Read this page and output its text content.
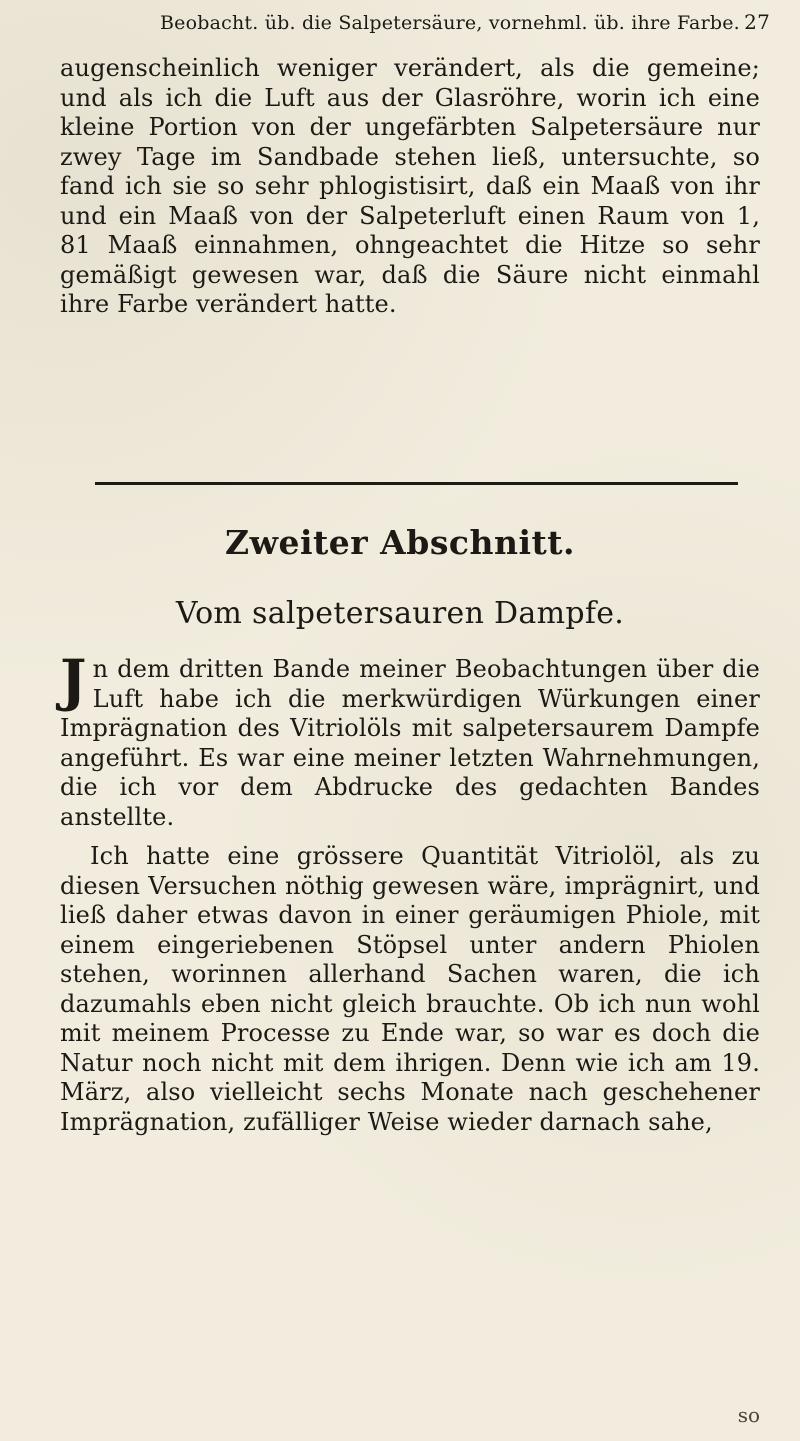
Beobacht. üb. die Salpetersäure, vornehml. üb. ihre Farbe. 27

augenscheinlich weniger verändert, als die gemeine; und als ich die Luft aus der Glasröhre, worin ich eine kleine Portion von der ungefärbten Salpetersäure nur zwey Tage im Sandbade stehen ließ, untersuchte, so fand ich sie so sehr phlogistisirt, daß ein Maaß von ihr und ein Maaß von der Salpeterluft einen Raum von 1, 81 Maaß einnahmen, ohngeachtet die Hitze so sehr gemäßigt gewesen war, daß die Säure nicht einmahl ihre Farbe verändert hatte.

Zweiter Abschnitt.
Vom salpetersauren Dampfe.

J n dem dritten Bande meiner Beobachtungen über die Luft habe ich die merkwürdigen Würkungen einer Imprägnation des Vitriolöls mit salpetersaurem Dampfe angeführt. Es war eine meiner letzten Wahrnehmungen, die ich vor dem Abdrucke des gedachten Bandes anstellte.

Ich hatte eine grössere Quantität Vitriolöl, als zu diesen Versuchen nöthig gewesen wäre, imprägnirt, und ließ daher etwas davon in einer geräumigen Phiole, mit einem eingeriebenen Stöpsel unter andern Phiolen stehen, worinnen allerhand Sachen waren, die ich dazumahls eben nicht gleich brauchte. Ob ich nun wohl mit meinem Processe zu Ende war, so war es doch die Natur noch nicht mit dem ihrigen. Denn wie ich am 19. März, also vielleicht sechs Monate nach geschehener Imprägnation, zufälliger Weise wieder darnach sahe,

so
